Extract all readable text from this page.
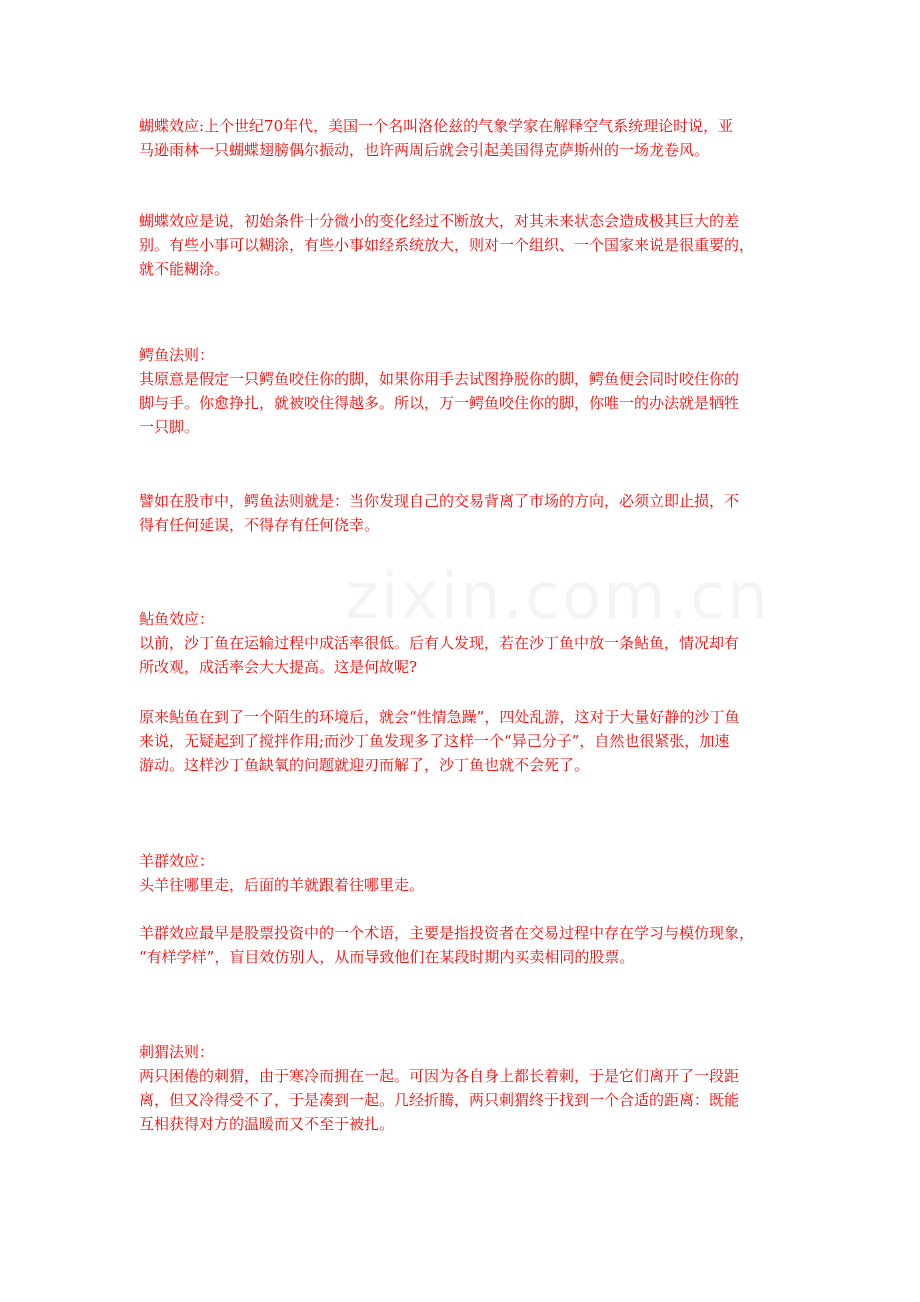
蝴蝶效应:上个世纪70年代，美国一个名叫洛伦兹的气象学家在解释空气系统理论时说，亚
马逊雨林一只蝴蝶翅膀偶尔振动，也许两周后就会引起美国得克萨斯州的一场龙卷风。

蝴蝶效应是说，初始条件十分微小的变化经过不断放大，对其未来状态会造成极其巨大的差
别。有些小事可以糊涂，有些小事如经系统放大，则对一个组织、一个国家来说是很重要的，
就不能糊涂。

鳄鱼法则：
其原意是假定一只鳄鱼咬住你的脚，如果你用手去试图挣脱你的脚，鳄鱼便会同时咬住你的
脚与手。你愈挣扎，就被咬住得越多。所以，万一鳄鱼咬住你的脚，你唯一的办法就是牺牲
一只脚。

譬如在股市中，鳄鱼法则就是：当你发现自己的交易背离了市场的方向，必须立即止损，不
得有任何延误，不得存有任何侥幸。

鲇鱼效应：
以前，沙丁鱼在运输过程中成活率很低。后有人发现，若在沙丁鱼中放一条鲇鱼，情况却有
所改观，成活率会大大提高。这是何故呢?

原来鲇鱼在到了一个陌生的环境后，就会“性情急躁”，四处乱游，这对于大量好静的沙丁鱼
来说，无疑起到了搅拌作用;而沙丁鱼发现多了这样一个“异己分子”，自然也很紧张，加速
游动。这样沙丁鱼缺氧的问题就迎刃而解了，沙丁鱼也就不会死了。

羊群效应：
头羊往哪里走，后面的羊就跟着往哪里走。

羊群效应最早是股票投资中的一个术语，主要是指投资者在交易过程中存在学习与模仿现象，
“有样学样”，盲目效仿别人，从而导致他们在某段时期内买卖相同的股票。

刺猬法则：
两只困倦的刺猬，由于寒冷而拥在一起。可因为各自身上都长着刺，于是它们离开了一段距
离，但又冷得受不了，于是凑到一起。几经折腾，两只刺猬终于找到一个合适的距离：既能
互相获得对方的温暖而又不至于被扎。
